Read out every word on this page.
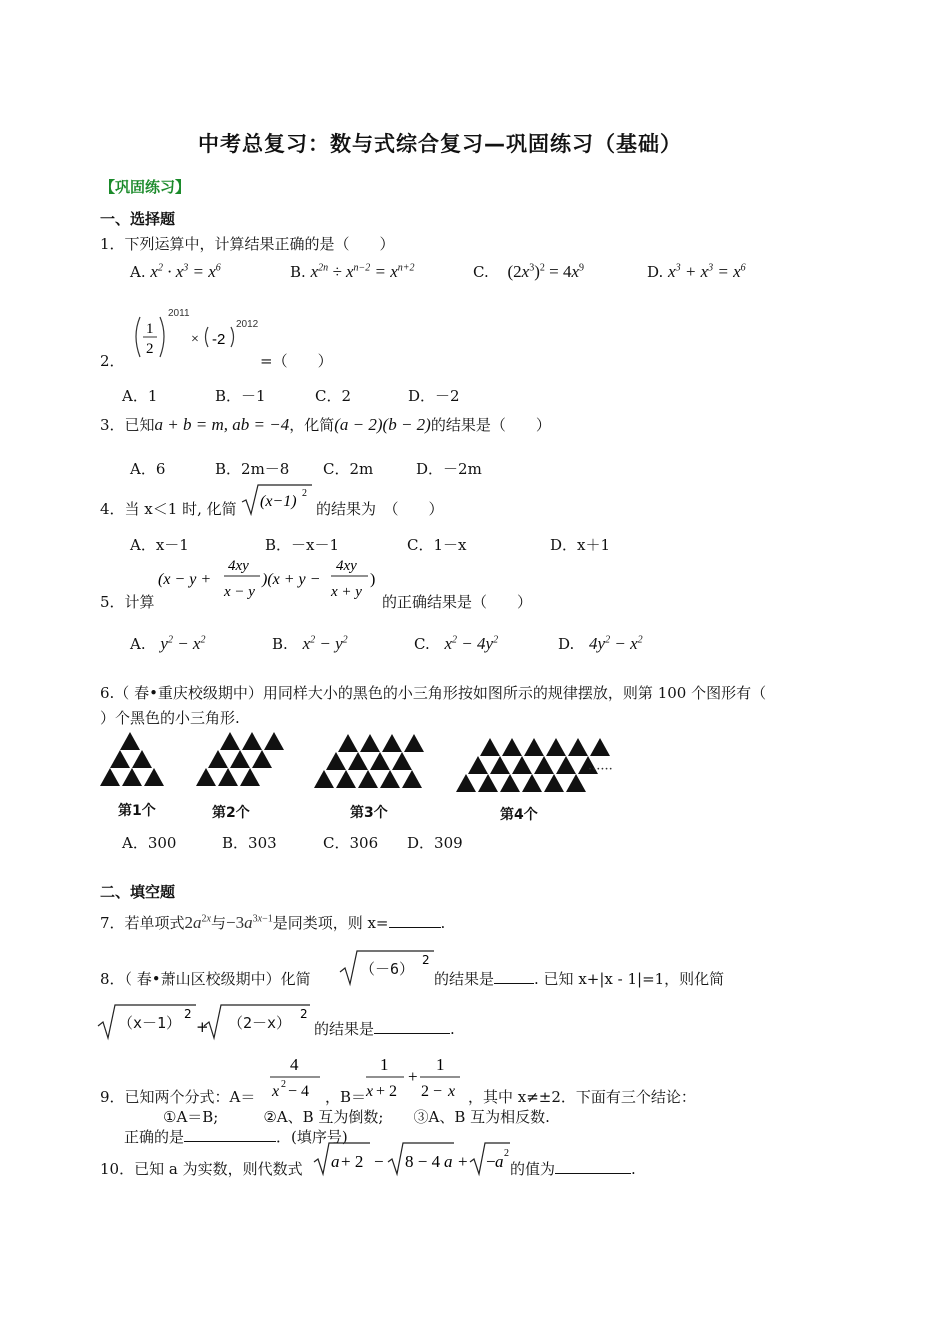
中考总复习：数与式综合复习—巩固练习（基础）
【巩固练习】
一、选择题
1．下列运算中，计算结果正确的是（　　）
A. $x^2 \cdot x^3 = x^6$	B. $x^{2n} \div x^{n-2} = x^{n+2}$	C. $(2x^3)^2 = 4x^9$	D. $x^3 + x^3 = x^6$
2．
1
2
× -2
2011
2012
=（　　）
A．1	B．－1	C．2	D．－2
3．已知a + b = m, ab = −4，化简(a − 2)(b − 2)的结果是（　　）
A．6	B．2m－8 C．2m	D．－2m
4．当 x＜1 时, 化简 (x−1) 2
的结果为　（　　）
A．x－1	B．－x－1	C．1－x	D．x＋1
5．计算
(x − y +
4xy
x − y
)(x + y −
4xy
x + y
)
的正确结果是（　　）
A. $y^2 - x^2$	B. $x^2 - y^2$	C. $x^2 - 4y^2$	D. $4y^2 - x^2$
6.（ 春•重庆校级期中）用同样大小的黑色的小三角形按如图所示的规律摆放，则第 100 个图形有（
）个黑色的小三角形.
······
第1个	第2个	第3个	第4个
A．300	B．303	C．306 D．309
二、填空题
7．若单项式$2a^{2x}$与$-3a^{3x-1}$是同类项，则 x=	.
8．（ 春•萧山区校级期中）化简
2
（－6）
的结果是	. 已知 x+|x - 1|=1，则化简
2
+
2
（x－1）	（2－x） 的结果是	.
9．已知两个分式：A＝
4
x 2 − 4 ，B＝
1
x + 2
+
1
2 − x ，其中 x≠±2．下面有三个结论：
①A＝B;　　　②A、B 互为倒数;　　③A、B 互为相反数.
正确的是	．(填序号)
10．已知 a 为实数，则代数式 a + 2 − 8 − 4 a + − a 2
的值为	.
